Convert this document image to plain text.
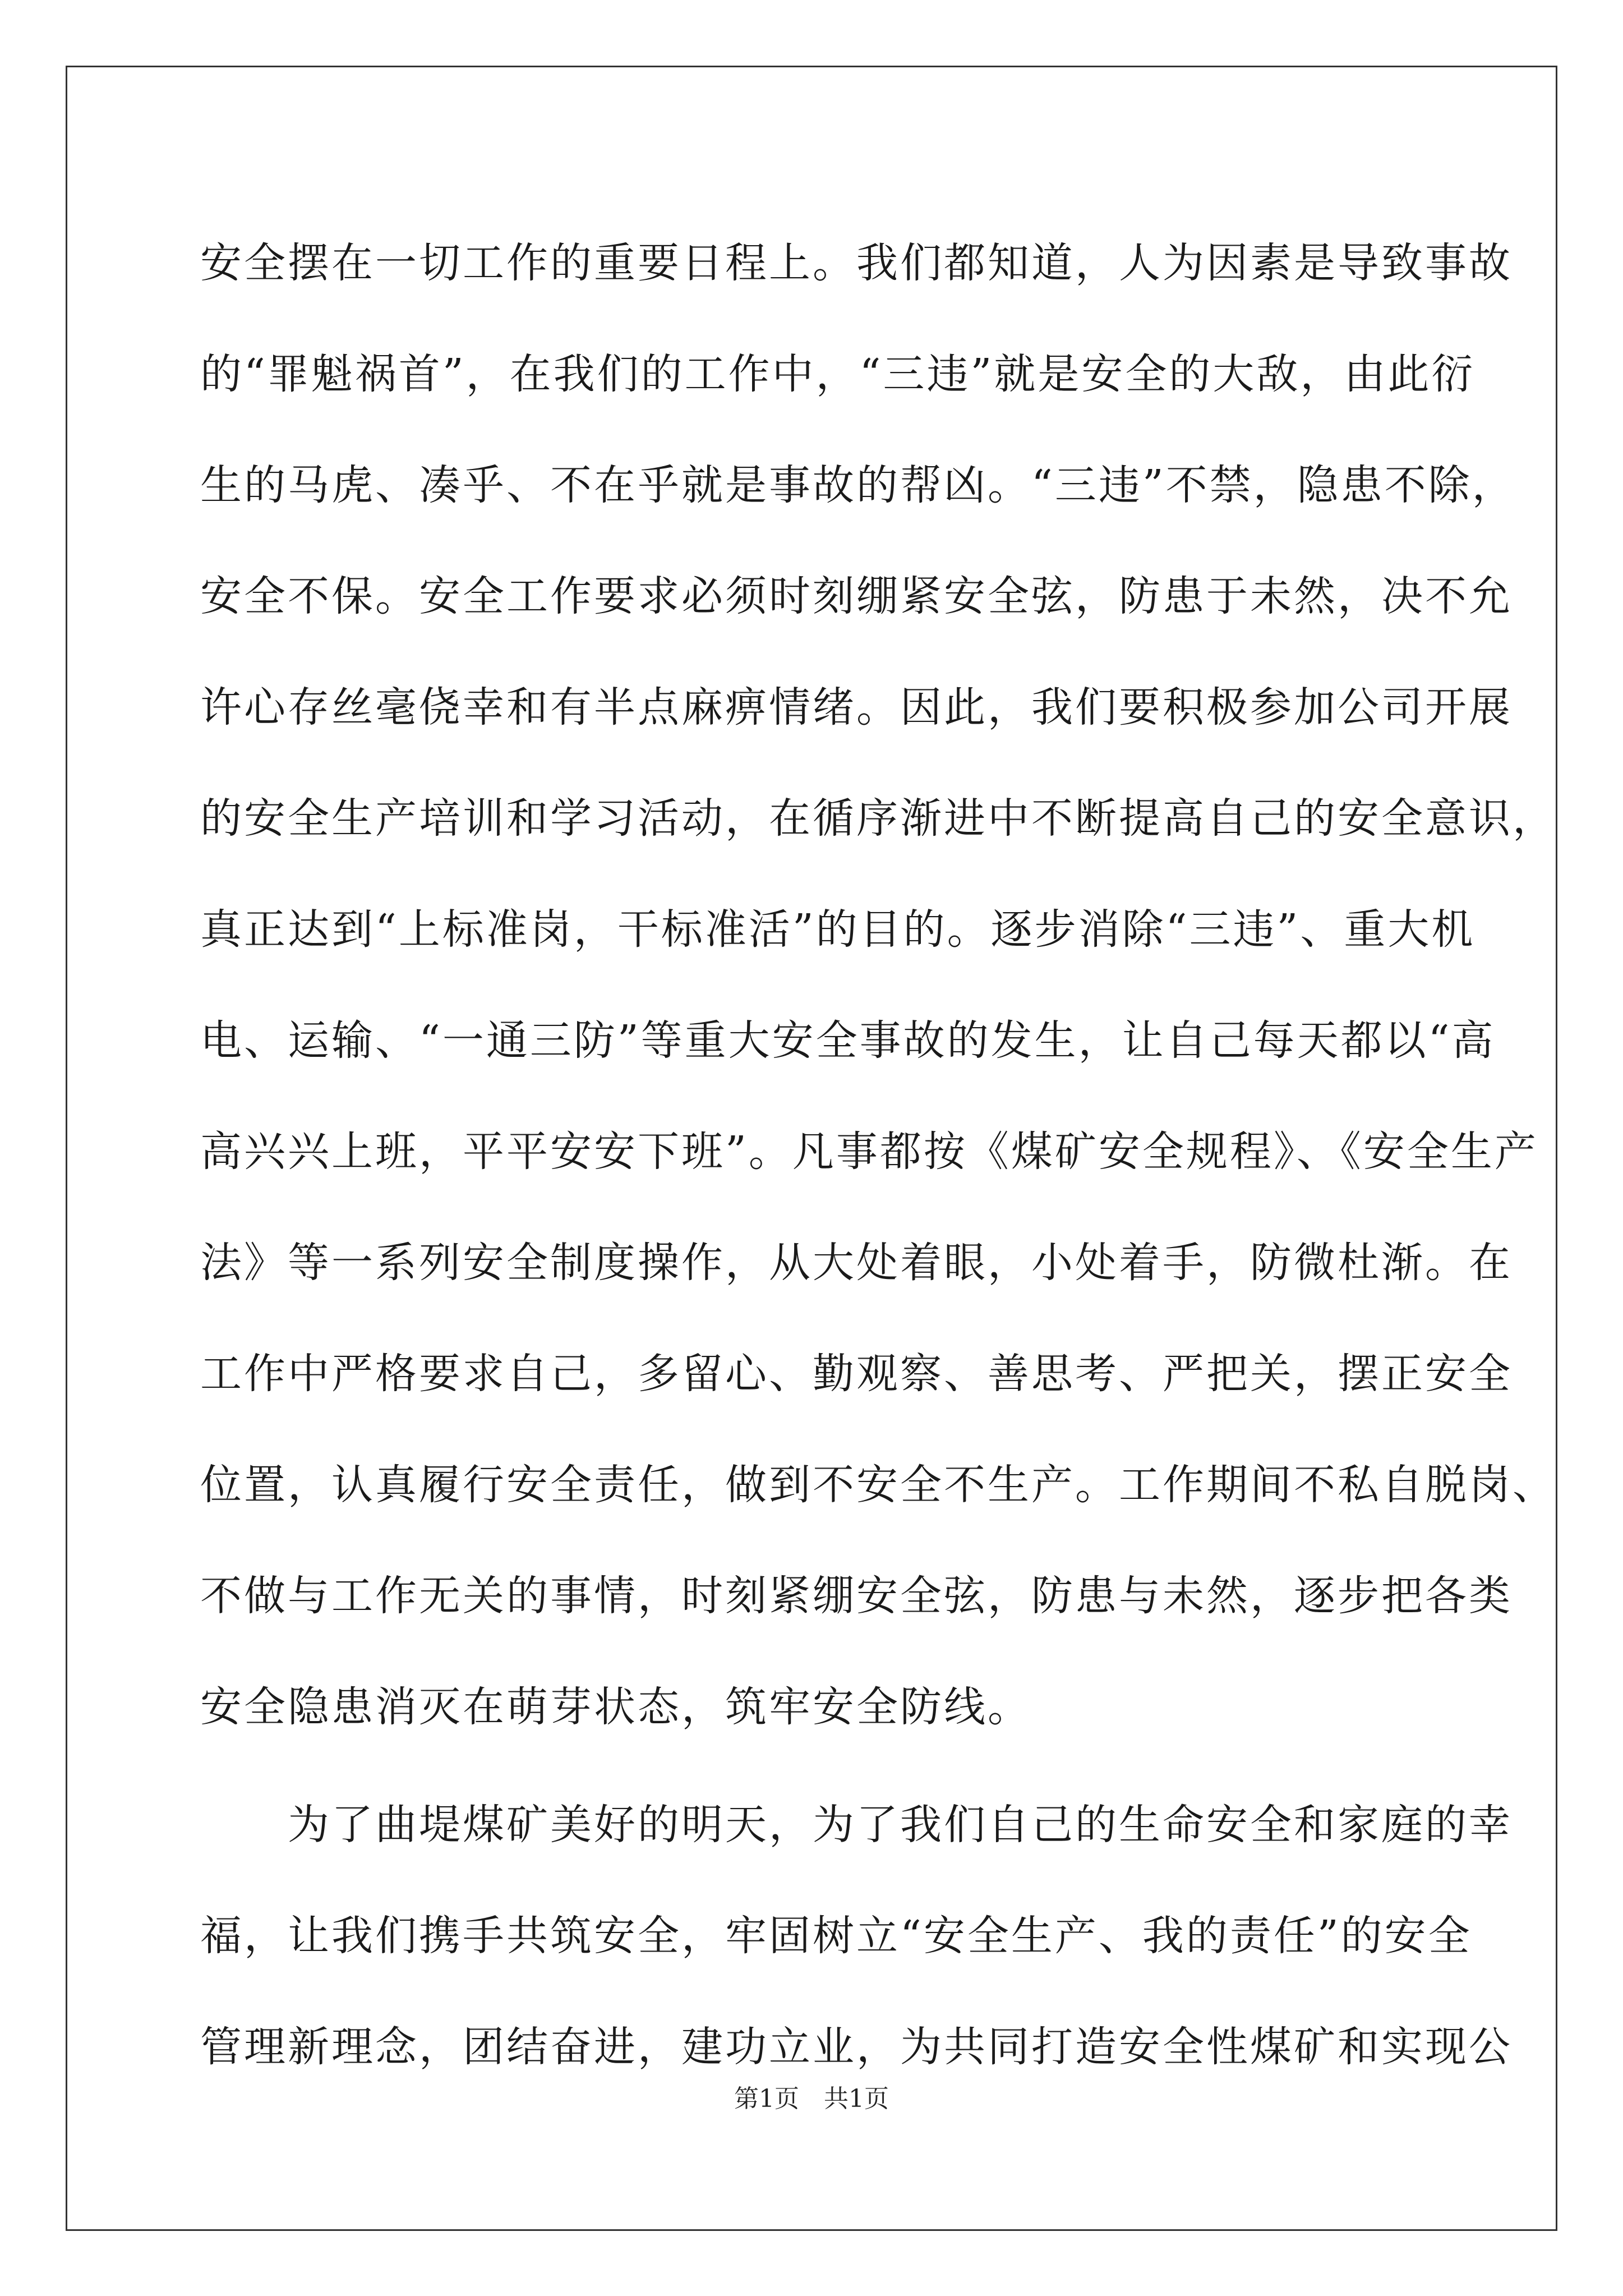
安全摆在一切工作的重要日程上。我们都知道，人为因素是导致事故
的“罪魁祸首”，在我们的工作中，“三违”就是安全的大敌，由此衍
生的马虎、凑乎、不在乎就是事故的帮凶。“三违”不禁，隐患不除，
安全不保。安全工作要求必须时刻绷紧安全弦，防患于未然，决不允
许心存丝毫侥幸和有半点麻痹情绪。因此，我们要积极参加公司开展
的安全生产培训和学习活动，在循序渐进中不断提高自己的安全意识，
真正达到“上标准岗，干标准活”的目的。逐步消除“三违”、重大机
电、运输、“一通三防”等重大安全事故的发生，让自己每天都以“高
高兴兴上班，平平安安下班”。凡事都按《煤矿安全规程》、《安全生产
法》等一系列安全制度操作，从大处着眼，小处着手，防微杜渐。在
工作中严格要求自己，多留心、勤观察、善思考、严把关，摆正安全
位置，认真履行安全责任，做到不安全不生产。工作期间不私自脱岗、
不做与工作无关的事情，时刻紧绷安全弦，防患与未然，逐步把各类
安全隐患消灭在萌芽状态，筑牢安全防线。
　　为了曲堤煤矿美好的明天，为了我们自己的生命安全和家庭的幸
福，让我们携手共筑安全，牢固树立“安全生产、我的责任”的安全
管理新理念，团结奋进，建功立业，为共同打造安全性煤矿和实现公
第1页　共1页
